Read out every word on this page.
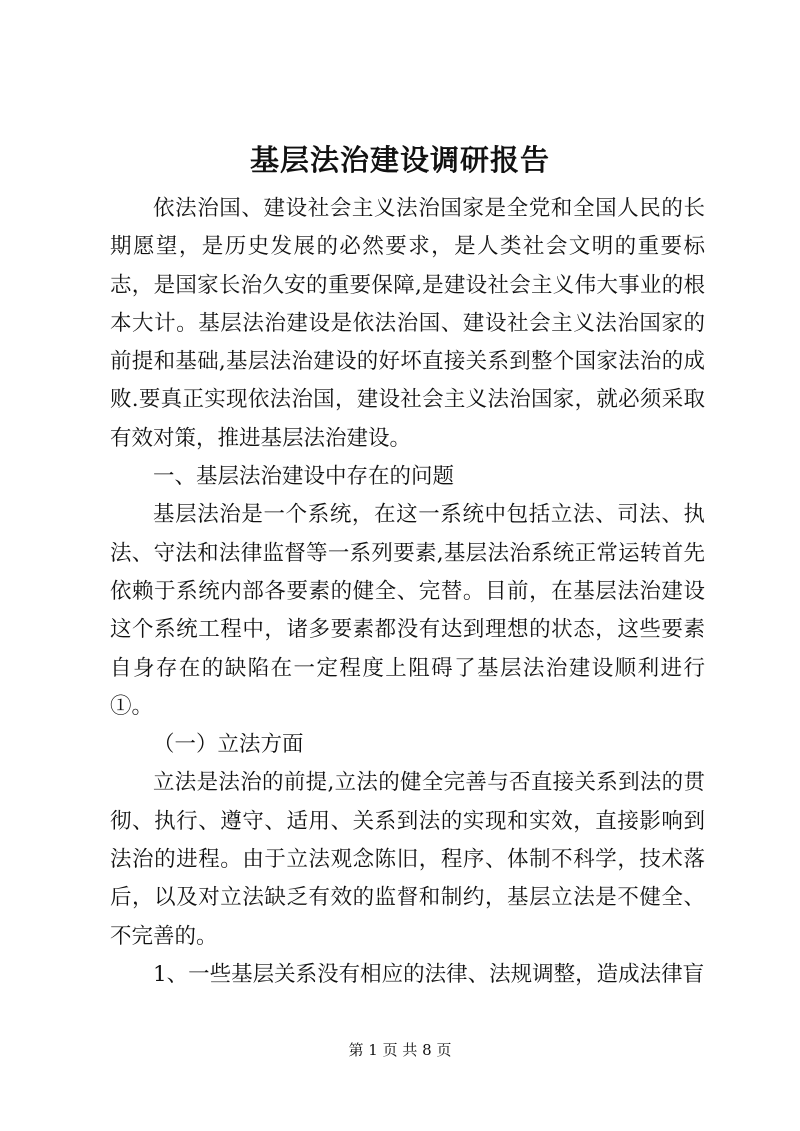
基层法治建设调研报告

依法治国、建设社会主义法治国家是全党和全国人民的长期愿望，是历史发展的必然要求，是人类社会文明的重要标志，是国家长治久安的重要保障,是建设社会主义伟大事业的根本大计。基层法治建设是依法治国、建设社会主义法治国家的前提和基础,基层法治建设的好坏直接关系到整个国家法治的成败.要真正实现依法治国，建设社会主义法治国家，就必须采取有效对策，推进基层法治建设。

一、基层法治建设中存在的问题

基层法治是一个系统，在这一系统中包括立法、司法、执法、守法和法律监督等一系列要素,基层法治系统正常运转首先依赖于系统内部各要素的健全、完替。目前，在基层法治建设这个系统工程中，诸多要素都没有达到理想的状态，这些要素自身存在的缺陷在一定程度上阻碍了基层法治建设顺利进行①。

（一）立法方面

立法是法治的前提,立法的健全完善与否直接关系到法的贯彻、执行、遵守、适用、关系到法的实现和实效，直接影响到法治的进程。由于立法观念陈旧，程序、体制不科学，技术落后，以及对立法缺乏有效的监督和制约，基层立法是不健全、不完善的。

1、一些基层关系没有相应的法律、法规调整，造成法律盲

第 1 页 共 8 页
